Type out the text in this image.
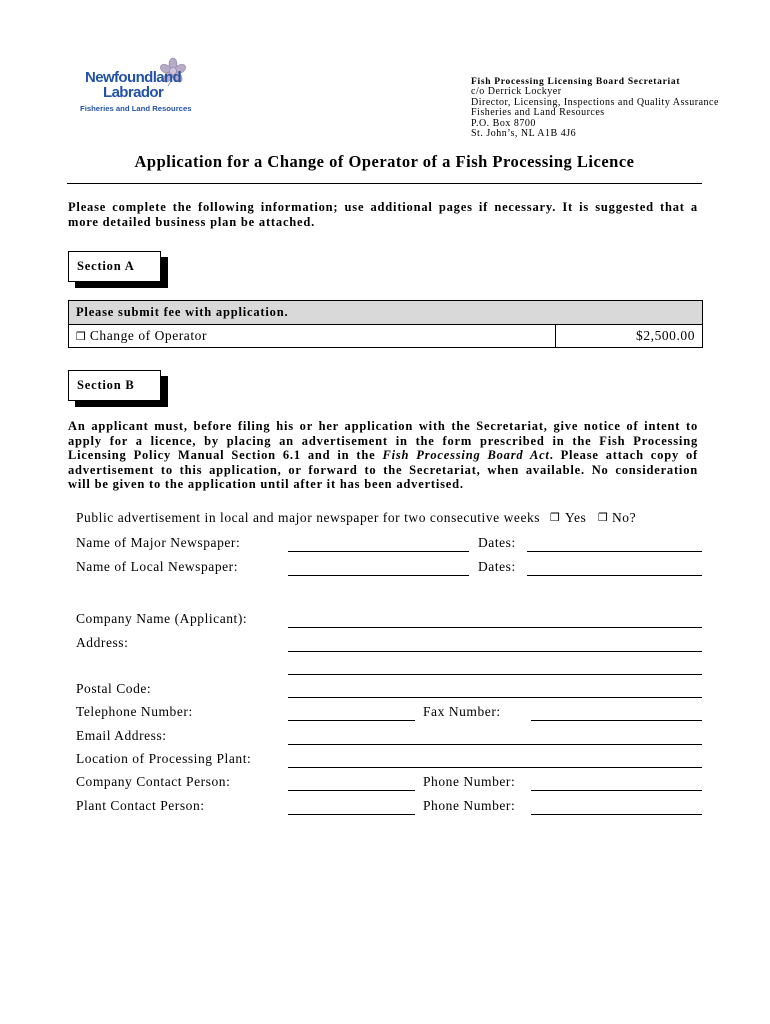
Newfoundland
Labrador
Fisheries and Land Resources
Fish Processing Licensing Board Secretariat
c/o Derrick Lockyer
Director, Licensing, Inspections and Quality Assurance
Fisheries and Land Resources
P.O. Box 8700
St. John’s, NL A1B 4J6
Application for a Change of Operator of a Fish Processing Licence
Please complete the following information; use additional pages if necessary. It is suggested that a
more detailed business plan be attached.
Section A
Please submit fee with application.
❒ Change of Operator	$2,500.00
Section B
An applicant must, before filing his or her application with the Secretariat, give notice of intent to
apply for a licence, by placing an advertisement in the form prescribed in the Fish Processing
Licensing Policy Manual Section 6.1 and in the Fish Processing Board Act. Please attach copy of
advertisement to this application, or forward to the Secretariat, when available. No consideration
will be given to the application until after it has been advertised.
Public advertisement in local and major newspaper for two consecutive weeks ❒ Yes ❒ No?
Name of Major Newspaper:	Dates:
Name of Local Newspaper:	Dates:
Company Name (Applicant):
Address:
Postal Code:
Telephone Number:	Fax Number:
Email Address:
Location of Processing Plant:
Company Contact Person:	Phone Number:
Plant Contact Person:	Phone Number:
